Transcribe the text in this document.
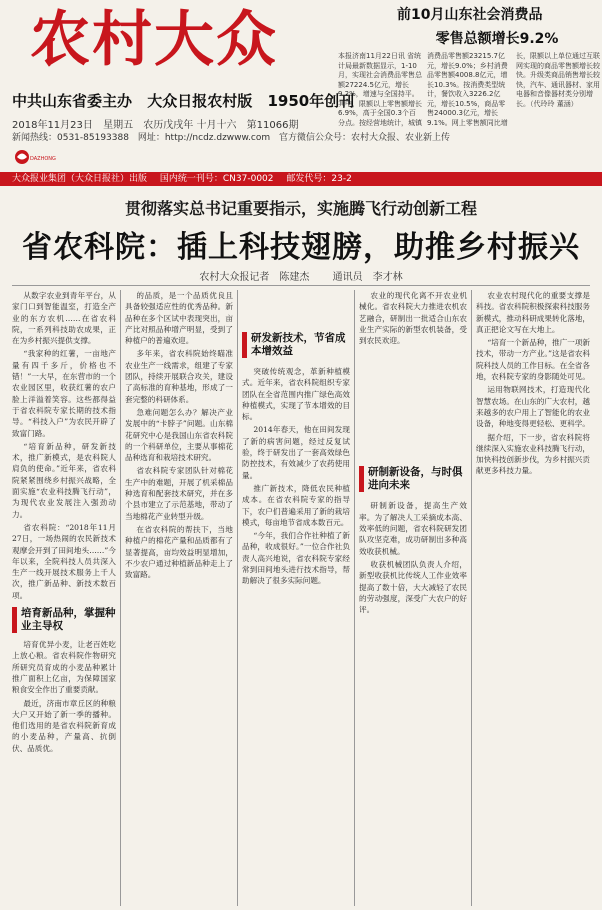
农村大众
中共山东省委主办 大众日报农村版 1950年创刊
2018年11月23日 星期五 农历戊戌年 十月十六 第11066期
新闻热线：0531-85193388 网址：http://ncdz.dzwww.com 官方微信公众号：农村大众报、农业新上传
DAZHONG
前10月山东社会消费品
零售总额增长9.2%
本报济南11月22日讯 省统计局最新数据显示，1-10月，实现社会消费品零售总额27224.5亿元，增长9.2%，增速与全国持平。其中，限额以上零售额增长6.9%，高于全国0.3个百分点。按经营地统计，城镇消费品零售额23215.7亿元，增长9.0%；乡村消费品零售额4008.8亿元，增长10.3%。按消费类型统计，餐饮收入3226.2亿元，增长10.5%，商品零售24000.3亿元，增长9.1%。网上零售额同比增长，限额以上单位通过互联网实现的商品零售额增长较快。升级类商品销售增长较快，汽车、通讯器材、家用电器和音像器材类分别增长。（代玲玲 董涵）
大众报业集团（大众日报社）出版 国内统一刊号：CN37-0002 邮发代号：23-2
贯彻落实总书记重要指示，实施腾飞行动创新工程
省农科院：插上科技翅膀，助推乡村振兴
农村大众报记者　陈建杰 通讯员　李才林

从数字农业到青年平台，从家门口到智能温室，打造全产业的东方农机……在省农科院，一系列科技助农成果，正在为乡村振兴提供支撑。

“我家种的红薯，一亩地产量有四千多斤，价格也不错！”一大早，在东营市的一个农业园区里，收获红薯的农户脸上洋溢着笑容。这些都得益于省农科院专家长期的技术指导。“科技入户”为农民开辟了致富门路。

“培育新品种，研发新技术，推广新模式，是农科院人肩负的使命。”近年来，省农科院紧紧围绕乡村振兴战略，全面实施“农业科技腾飞行动”，为现代农业发展注入强劲动力。

省农科院：“2018年11月27日，一场热闹的农民新技术观摩会开到了田间地头……”今年以来，全院科技人员共深入生产一线开展技术服务上千人次，推广新品种、新技术数百项。

培育新品种，掌握种业主导权

培育优异小麦，让老百姓吃上放心粮。省农科院作物研究所研究员育成的小麦品种累计推广面积上亿亩，为保障国家粮食安全作出了重要贡献。

最近，济南市章丘区的种粮大户又开始了新一季的播种。他们选用的是省农科院新育成的小麦品种，产量高、抗倒伏、品质优。

的品质，是一个品质优良且具备较强适应性的优秀品种。新品种在多个区试中表现突出，亩产比对照品种增产明显，受到了种植户的普遍欢迎。

多年来，省农科院始终瞄准农业生产一线需求，组建了专家团队，持续开展联合攻关，建设了高标准的育种基地，形成了一套完整的科研体系。

急难问题怎么办？解决产业发展中的“卡脖子”问题。山东棉花研究中心是我国山东省农科院的一个科研单位，主要从事棉花品种选育和栽培技术研究。

省农科院专家团队针对棉花生产中的难题，开展了机采棉品种选育和配套技术研究，并在多个县市建立了示范基地，带动了当地棉花产业转型升级。

在省农科院的帮扶下，当地种植户的棉花产量和品质都有了显著提高，亩均效益明显增加，不少农户通过种植新品种走上了致富路。

研发新技术，节省成本增效益

突破传统观念，革新种植模式。近年来，省农科院组织专家团队在全省范围内推广绿色高效种植模式，实现了节本增效的目标。

2014年春天，他在田间发现了新的病害问题，经过反复试验，终于研发出了一套高效绿色防控技术，有效减少了农药使用量。

推广新技术，降低农民种植成本。在省农科院专家的指导下，农户们普遍采用了新的栽培模式，每亩地节省成本数百元。

“今年，我们合作社种植了新品种，收成很好。”一位合作社负责人高兴地说，省农科院专家经常到田间地头进行技术指导，帮助解决了很多实际问题。

农业的现代化离不开农业机械化。省农科院大力推进农机农艺融合，研制出一批适合山东农业生产实际的新型农机装备，受到农民欢迎。

研制新设备，与时俱进向未来

研制新设备，提高生产效率。为了解决人工采摘成本高、效率低的问题，省农科院研发团队攻坚克难，成功研制出多种高效收获机械。

收获机械团队负责人介绍，新型收获机比传统人工作业效率提高了数十倍，大大减轻了农民的劳动强度，深受广大农户的好评。

农业农村现代化的重要支撑是科技。省农科院积极探索科技服务新模式，推动科研成果转化落地，真正把论文写在大地上。

“培育一个新品种，推广一项新技术，带动一方产业。”这是省农科院科技人员的工作目标。在全省各地，农科院专家的身影随处可见。

运用物联网技术，打造现代化智慧农场。在山东的广大农村，越来越多的农户用上了智能化的农业设备，种地变得更轻松、更科学。

据介绍，下一步，省农科院将继续深入实施农业科技腾飞行动，加快科技创新步伐，为乡村振兴贡献更多科技力量。
